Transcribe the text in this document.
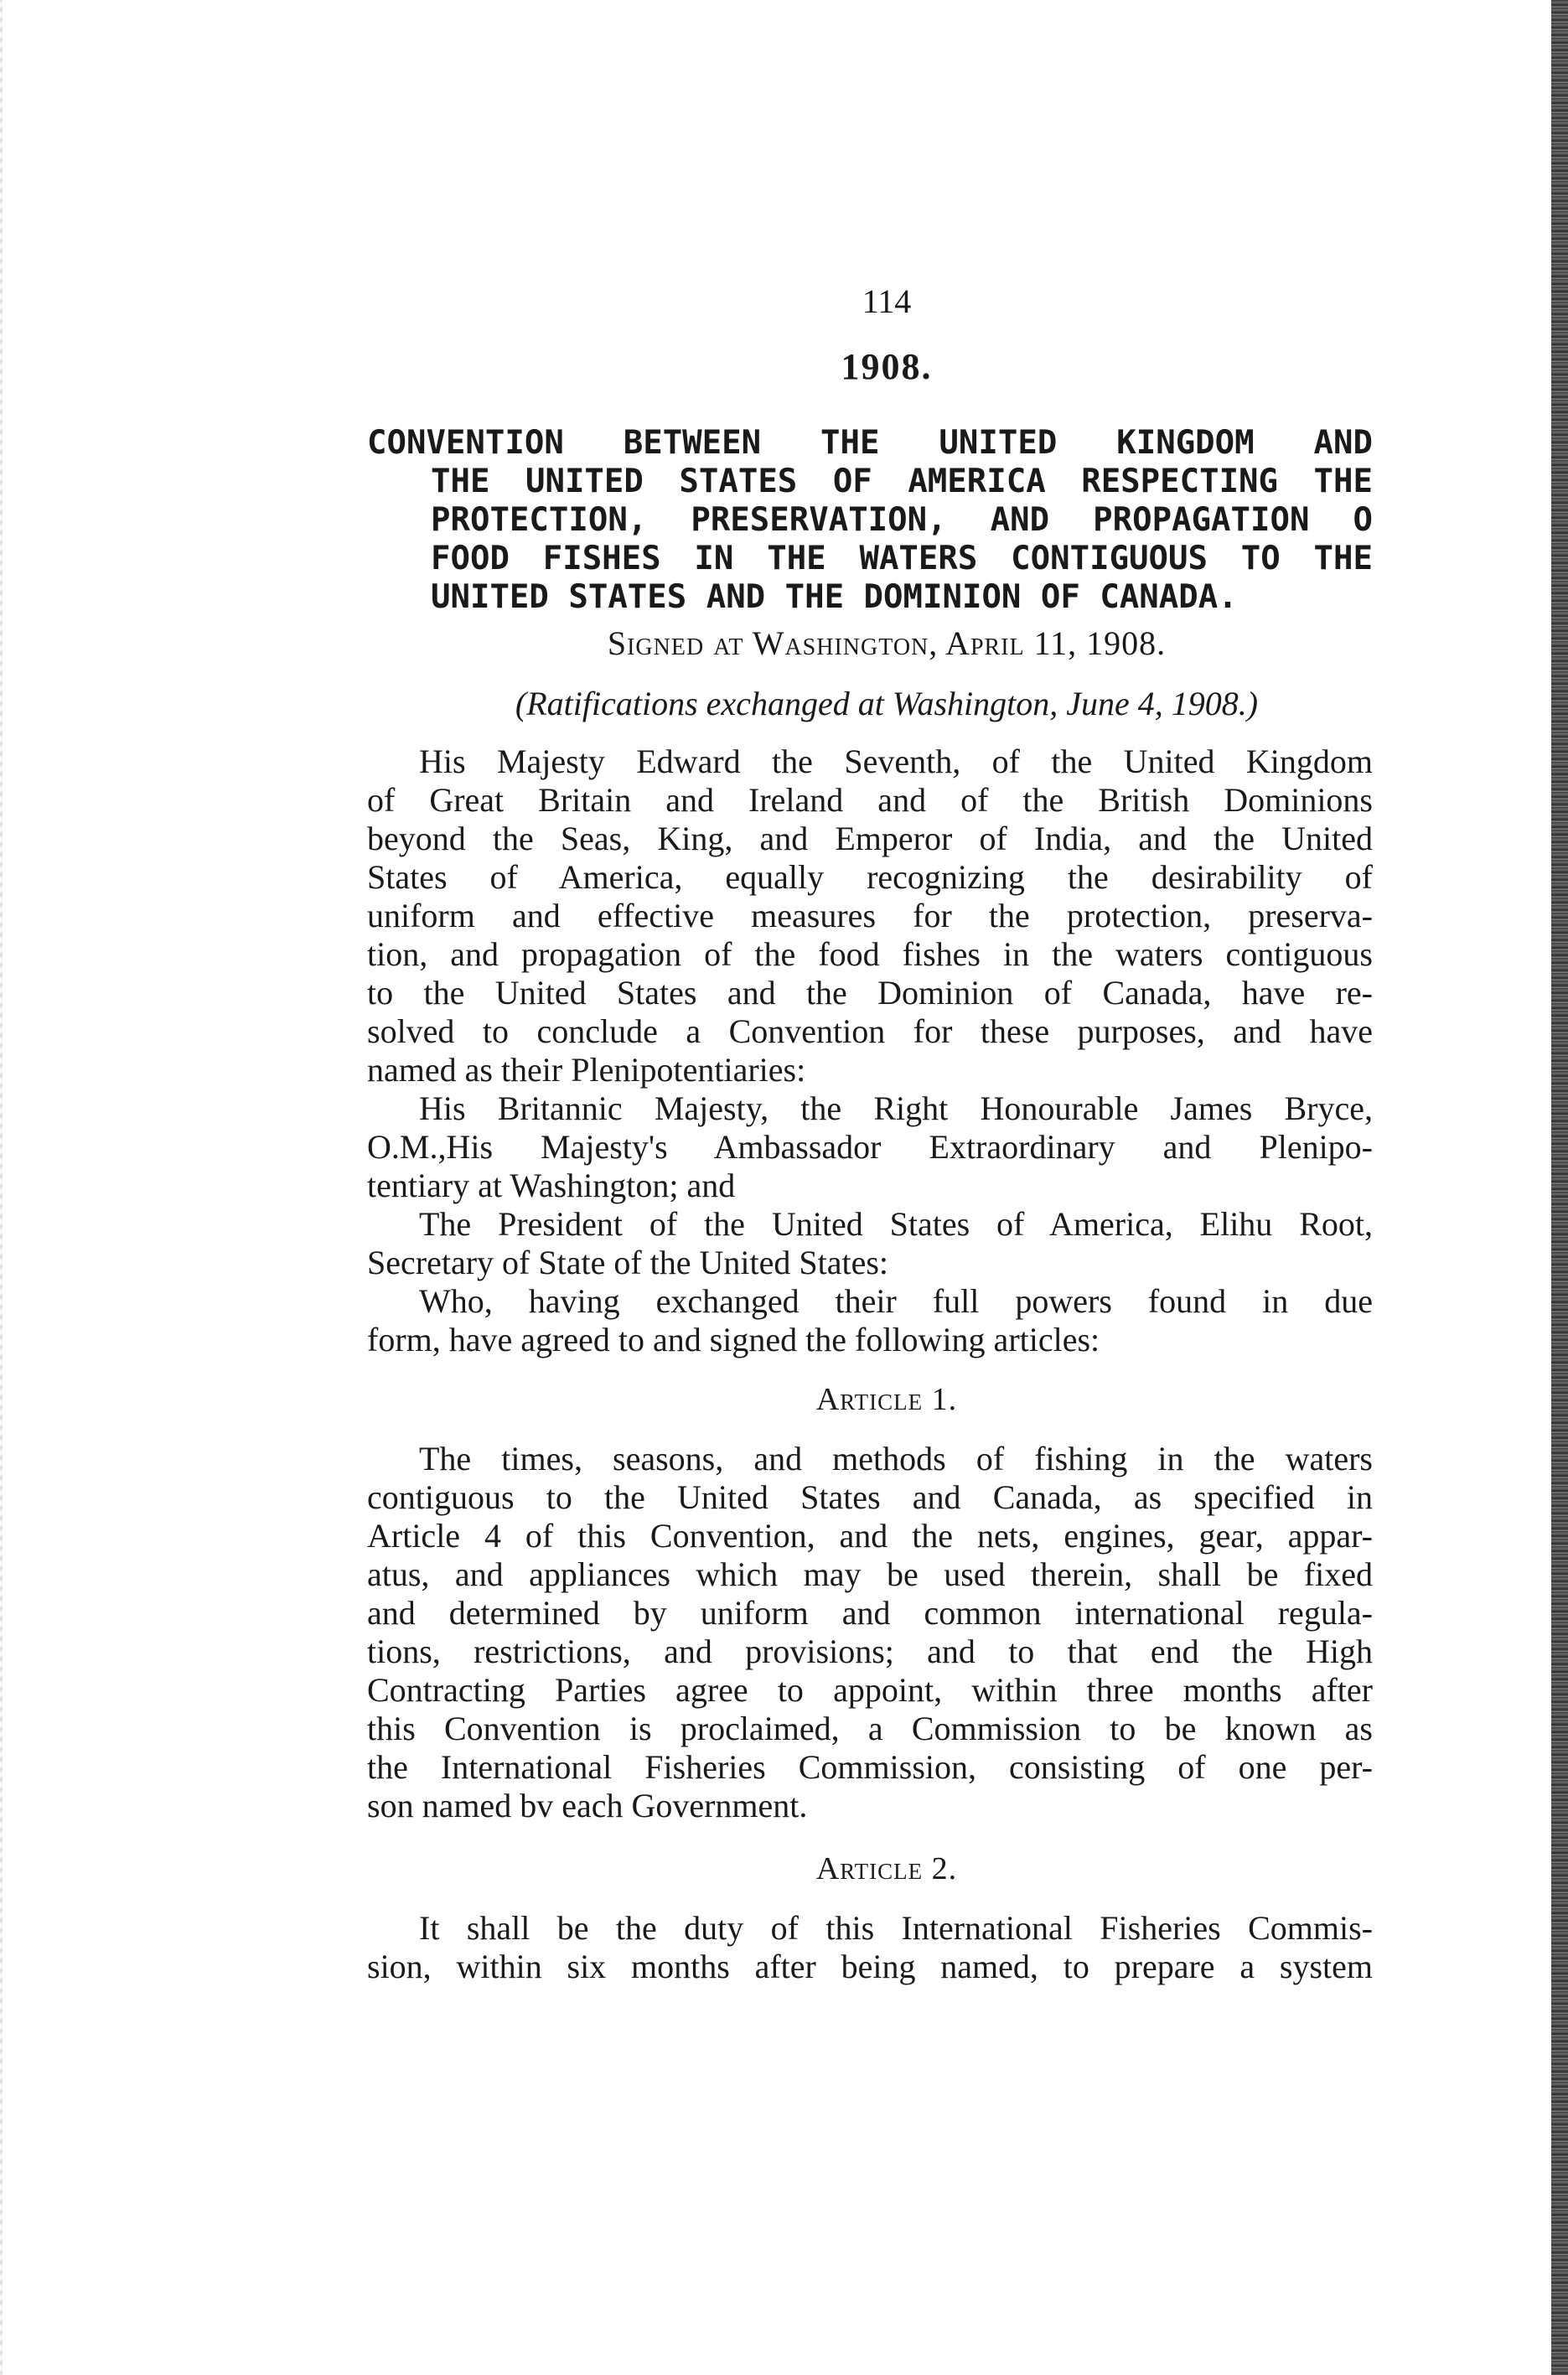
114
1908.
CONVENTION BETWEEN THE UNITED KINGDOM AND
THE UNITED STATES OF AMERICA RESPECTING THE
PROTECTION, PRESERVATION, AND PROPAGATION O
FOOD FISHES IN THE WATERS CONTIGUOUS TO THE
UNITED STATES AND THE DOMINION OF CANADA.
Signed at Washington, April 11, 1908.
(Ratifications exchanged at Washington, June 4, 1908.)
His Majesty Edward the Seventh, of the United Kingdom
of Great Britain and Ireland and of the British Dominions
beyond the Seas, King, and Emperor of India, and the United
States of America, equally recognizing the desirability of
uniform and effective measures for the protection, preserva-
tion, and propagation of the food fishes in the waters contiguous
to the United States and the Dominion of Canada, have re-
solved to conclude a Convention for these purposes, and have
named as their Plenipotentiaries:
His Britannic Majesty, the Right Honourable James Bryce,
O.M.,His Majesty's Ambassador Extraordinary and Plenipo-
tentiary at Washington; and
The President of the United States of America, Elihu Root,
Secretary of State of the United States:
Who, having exchanged their full powers found in due
form, have agreed to and signed the following articles:
Article 1.
The times, seasons, and methods of fishing in the waters
contiguous to the United States and Canada, as specified in
Article 4 of this Convention, and the nets, engines, gear, appar-
atus, and appliances which may be used therein, shall be fixed
and determined by uniform and common international regula-
tions, restrictions, and provisions; and to that end the High
Contracting Parties agree to appoint, within three months after
this Convention is proclaimed, a Commission to be known as
the International Fisheries Commission, consisting of one per-
son named bv each Government.
Article 2.
It shall be the duty of this International Fisheries Commis-
sion, within six months after being named, to prepare a system
